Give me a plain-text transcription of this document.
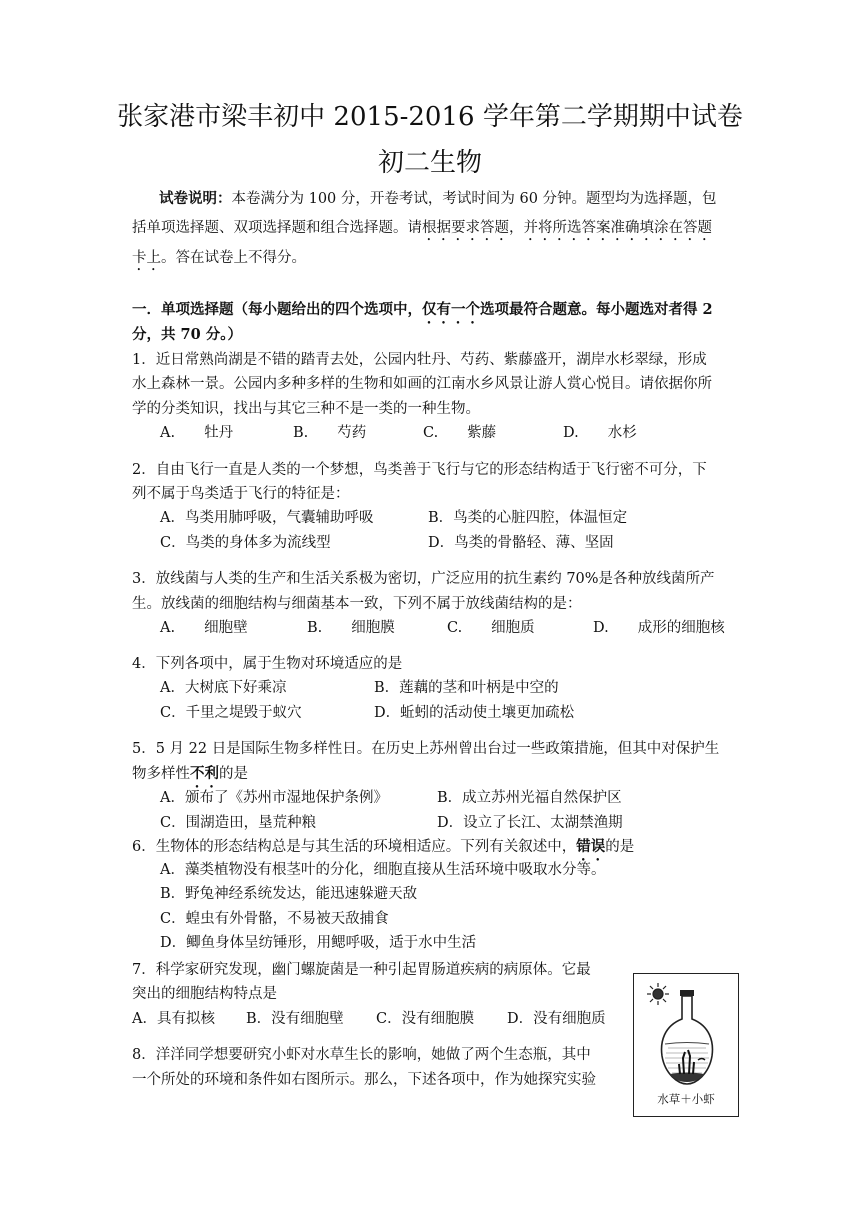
张家港市梁丰初中 2015-2016 学年第二学期期中试卷
初二生物
试卷说明：本卷满分为 100 分，开卷考试，考试时间为 60 分钟。题型均为选择题，包
括单项选择题、双项选择题和组合选择题。请根据要求答题，并将所选答案准确填涂在答题
卡上。答在试卷上不得分。
一．单项选择题（每小题给出的四个选项中，仅有一个选项最符合题意。每小题选对者得 2
分，共 70 分。）
1．近日常熟尚湖是不错的踏青去处，公园内牡丹、芍药、紫藤盛开，湖岸水杉翠绿，形成
水上森林一景。公园内多种多样的生物和如画的江南水乡风景让游人赏心悦目。请依据你所
学的分类知识，找出与其它三种不是一类的一种生物。
A.　　牡丹	B.　　芍药	C.　　紫藤	D.　　水杉
2．自由飞行一直是人类的一个梦想，鸟类善于飞行与它的形态结构适于飞行密不可分，下
列不属于鸟类适于飞行的特征是：
A．鸟类用肺呼吸，气囊辅助呼吸	B．鸟类的心脏四腔，体温恒定
C．鸟类的身体多为流线型	D．鸟类的骨骼轻、薄、坚固
3．放线菌与人类的生产和生活关系极为密切，广泛应用的抗生素约 70%是各种放线菌所产
生。放线菌的细胞结构与细菌基本一致，下列不属于放线菌结构的是：
A.　　细胞壁	B.　　细胞膜	C.　　细胞质	D.　　成形的细胞核
4．下列各项中，属于生物对环境适应的是
A．大树底下好乘凉	B．莲藕的茎和叶柄是中空的
C．千里之堤毁于蚁穴	D．蚯蚓的活动使土壤更加疏松
5．5 月 22 日是国际生物多样性日。在历史上苏州曾出台过一些政策措施，但其中对保护生
物多样性不利的是
A．颁布了《苏州市湿地保护条例》	B．成立苏州光福自然保护区
C．围湖造田，垦荒种粮	D．设立了长江、太湖禁渔期
6．生物体的形态结构总是与其生活的环境相适应。下列有关叙述中，错误的是
A．藻类植物没有根茎叶的分化，细胞直接从生活环境中吸取水分等。
B．野兔神经系统发达，能迅速躲避天敌
C．蝗虫有外骨骼，不易被天敌捕食
D．鲫鱼身体呈纺锤形，用鳃呼吸，适于水中生活
7．科学家研究发现，幽门螺旋菌是一种引起胃肠道疾病的病原体。它最
突出的细胞结构特点是
A．具有拟核 B．没有细胞壁 C．没有细胞膜 D．没有细胞质
8．洋洋同学想要研究小虾对水草生长的影响，她做了两个生态瓶，其中
一个所处的环境和条件如右图所示。那么，下述各项中，作为她探究实验
水草＋小虾
